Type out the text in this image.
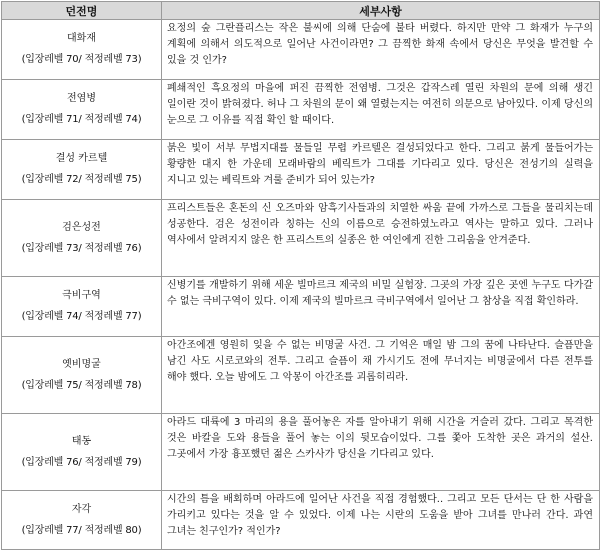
던전명	세부사항

대화재
(입장레벨 70/ 적정레벨 73)	요정의 숲 그란플리스는 작은 불씨에 의해 단숨에 불타 버렸다. 하지만 만약 그 화재가 누구의 계획에 의해서 의도적으로 일어난 사건이라면? 그 끔찍한 화재 속에서 당신은 무엇을 발견할 수 있을 것 인가?

전염병
(입장레벨 71/ 적정레벨 74)	폐쇄적인 흑요정의 마을에 퍼진 끔찍한 전염병. 그것은 갑작스레 열린 차원의 문에 의해 생긴 일이란 것이 밝혀졌다. 허나 그 차원의 문이 왜 열렸는지는 여전히 의문으로 남아있다. 이제 당신의 눈으로 그 이유를 직접 확인 할 때이다.

결성 카르텔
(입장레벨 72/ 적정레벨 75)	붉은 빛이 서부 무법지대를 물들일 무렵 카르텔은 결성되었다고 한다. 그리고 붉게 물들어가는 황량한 대지 한 가운데 모래바람의 베릭트가 그대를 기다리고 있다. 당신은 전성기의 실력을 지니고 있는 베릭트와 겨룰 준비가 되어 있는가?

검은성전
(입장레벨 73/ 적정레벨 76)	프리스트들은 혼돈의 신 오즈마와 암흑기사들과의 치열한 싸움 끝에 가까스로 그들을 물리치는데 성공한다. 검은 성전이라 칭하는 신의 이름으로 승전하였노라고 역사는 말하고 있다. 그러나 역사에서 알려지지 않은 한 프리스트의 실종은 한 여인에게 진한 그리움을 안겨준다.

극비구역
(입장레벨 74/ 적정레벨 77)	신병기를 개발하기 위해 세운 빌마르크 제국의 비밀 실험장. 그곳의 가장 깊은 곳엔 누구도 다가갈 수 없는 극비구역이 있다. 이제 제국의 빌마르크 극비구역에서 일어난 그 참상을 직접 확인하라.

옛비명굴
(입장레벨 75/ 적정레벨 78)	아간조에겐 영원히 잊을 수 없는 비명굴 사건. 그 기억은 매일 밤 그의 꿈에 나타난다. 슬픔만을 남긴 사도 시로코와의 전투. 그리고 슬픔이 채 가시기도 전에 무너지는 비명굴에서 다른 전투를 해야 했다. 오늘 밤에도 그 악몽이 아간조를 괴롭히리라.

태동
(입장레벨 76/ 적정레벨 79)	아라드 대륙에 3 마리의 용을 풀어놓은 자를 알아내기 위해 시간을 거슬러 갔다. 그리고 목격한 것은 바칼을 도와 용들을 풀어 놓는 이의 뒷모습이었다. 그를 쫓아 도착한 곳은 과거의 설산. 그곳에서 가장 흉포했던 젊은 스카사가 당신을 기다리고 있다.

자각
(입장레벨 77/ 적정레벨 80)	시간의 틈을 배회하며 아라드에 일어난 사건을 직접 경험했다.. 그리고 모든 단서는 단 한 사람을 가리키고 있다는 것을 알 수 있었다. 이제 나는 시란의 도움을 받아 그녀를 만나러 간다. 과연 그녀는 친구인가? 적인가?
